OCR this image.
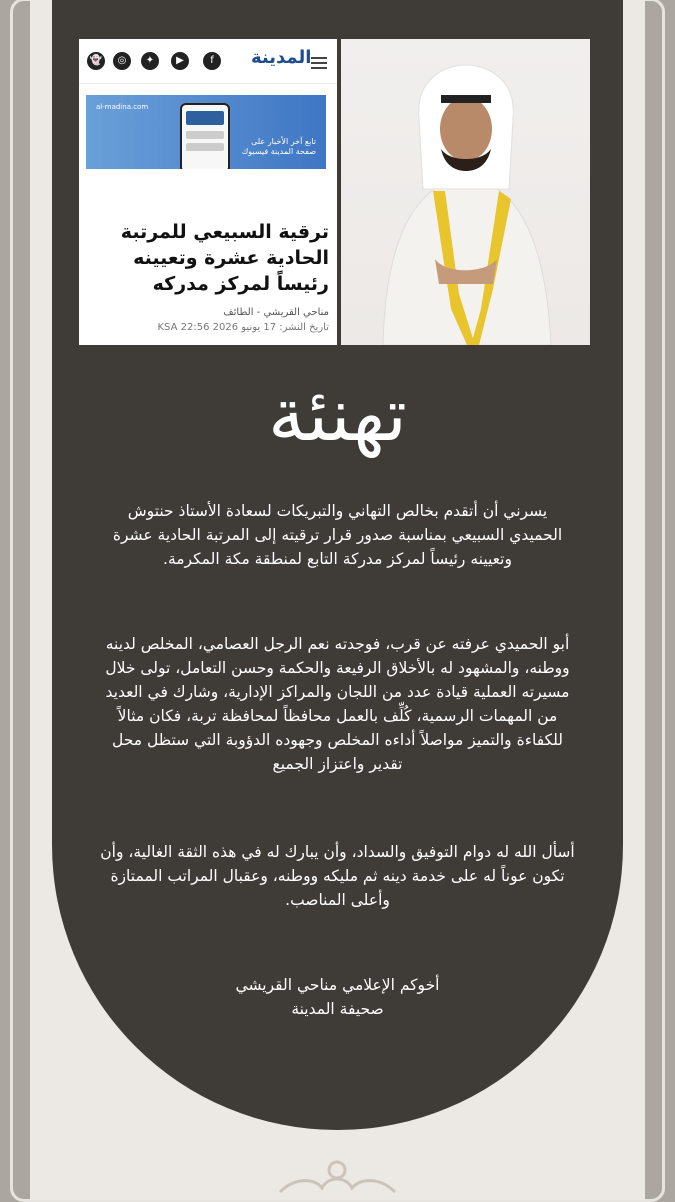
👻	◎	✦	▶	f	المدينة
al-madina.com
تابع آخر الأخبار على
صفحة المدينة فيسبوك
ترقية السبيعي للمرتبة الحادية عشرة وتعيينه رئيساً لمركز مدركه
مناحي القريشي - الطائف
تاريخ النشر: 17 يونيو 2026 22:56 KSA
تهنئة
يسرني أن أتقدم بخالص التهاني والتبريكات لسعادة الأستاذ حنتوش الحميدي السبيعي بمناسبة صدور قرار ترقيته إلى المرتبة الحادية عشرة وتعيينه رئيساً لمركز مدركة التابع لمنطقة مكة المكرمة.
أبو الحميدي عرفته عن قرب، فوجدته نعم الرجل العصامي، المخلص لدينه ووطنه، والمشهود له بالأخلاق الرفيعة والحكمة وحسن التعامل، تولى خلال مسيرته العملية قيادة عدد من اللجان والمراكز الإدارية، وشارك في العديد من المهمات الرسمية، كُلِّف بالعمل محافظاً لمحافظة تربة، فكان مثالاً للكفاءة والتميز مواصلاً أداءه المخلص وجهوده الدؤوبة التي ستظل محل تقدير واعتزاز الجميع
أسأل الله له دوام التوفيق والسداد، وأن يبارك له في هذه الثقة الغالية، وأن تكون عوناً له على خدمة دينه ثم مليكه ووطنه، وعقبال المراتب الممتازة وأعلى المناصب.
أخوكم الإعلامي مناحي القريشي
صحيفة المدينة
